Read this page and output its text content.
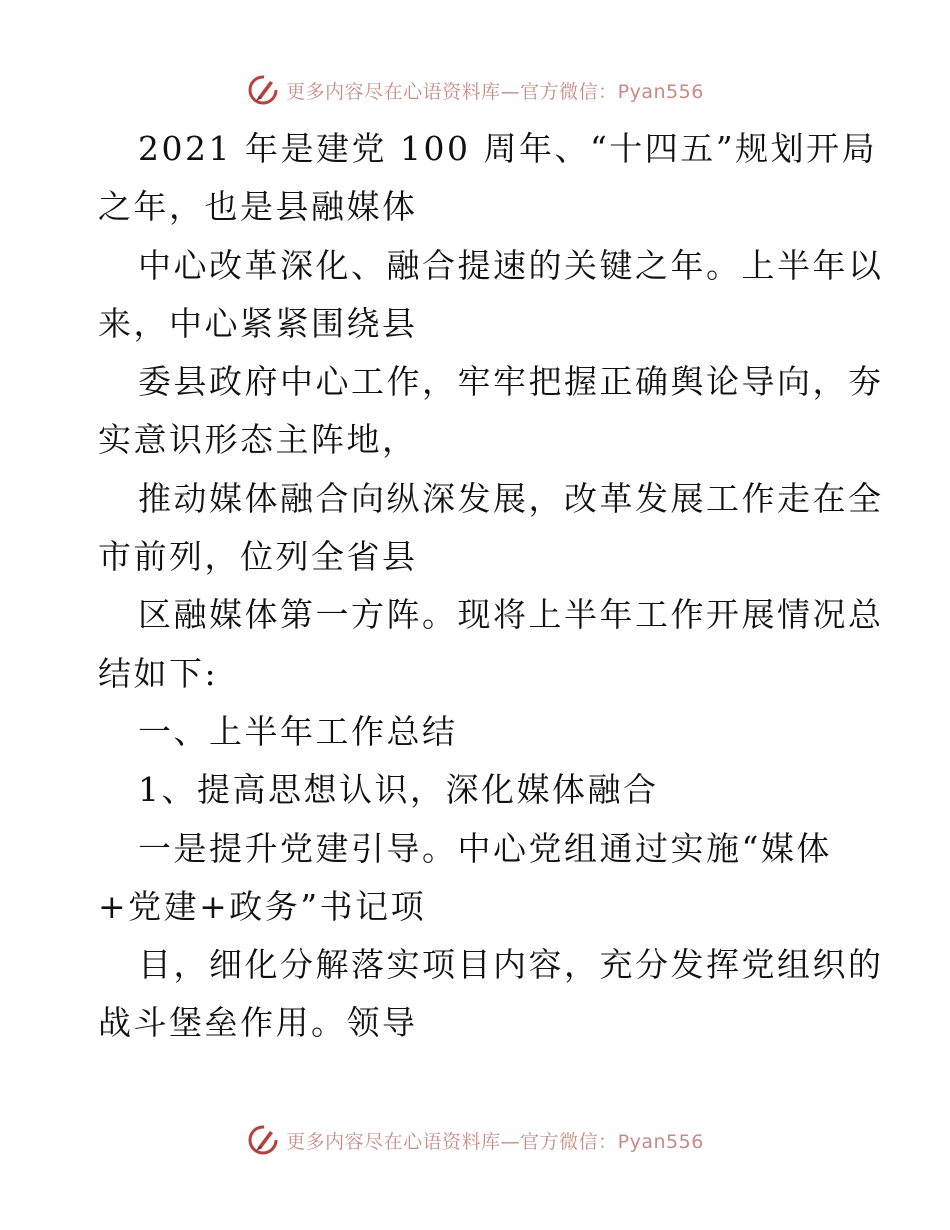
更多内容尽在心语资料库—官方微信：Pyan556
2021 年是建党 100 周年、“十四五”规划开局
之年，也是县融媒体
中心改革深化、融合提速的关键之年。上半年以
来，中心紧紧围绕县
委县政府中心工作，牢牢把握正确舆论导向，夯
实意识形态主阵地，
推动媒体融合向纵深发展，改革发展工作走在全
市前列，位列全省县
区融媒体第一方阵。现将上半年工作开展情况总
结如下:
一、上半年工作总结
1、提高思想认识，深化媒体融合
一是提升党建引导。中心党组通过实施“媒体
+党建+政务”书记项
目，细化分解落实项目内容，充分发挥党组织的
战斗堡垒作用。领导
更多内容尽在心语资料库—官方微信：Pyan556
